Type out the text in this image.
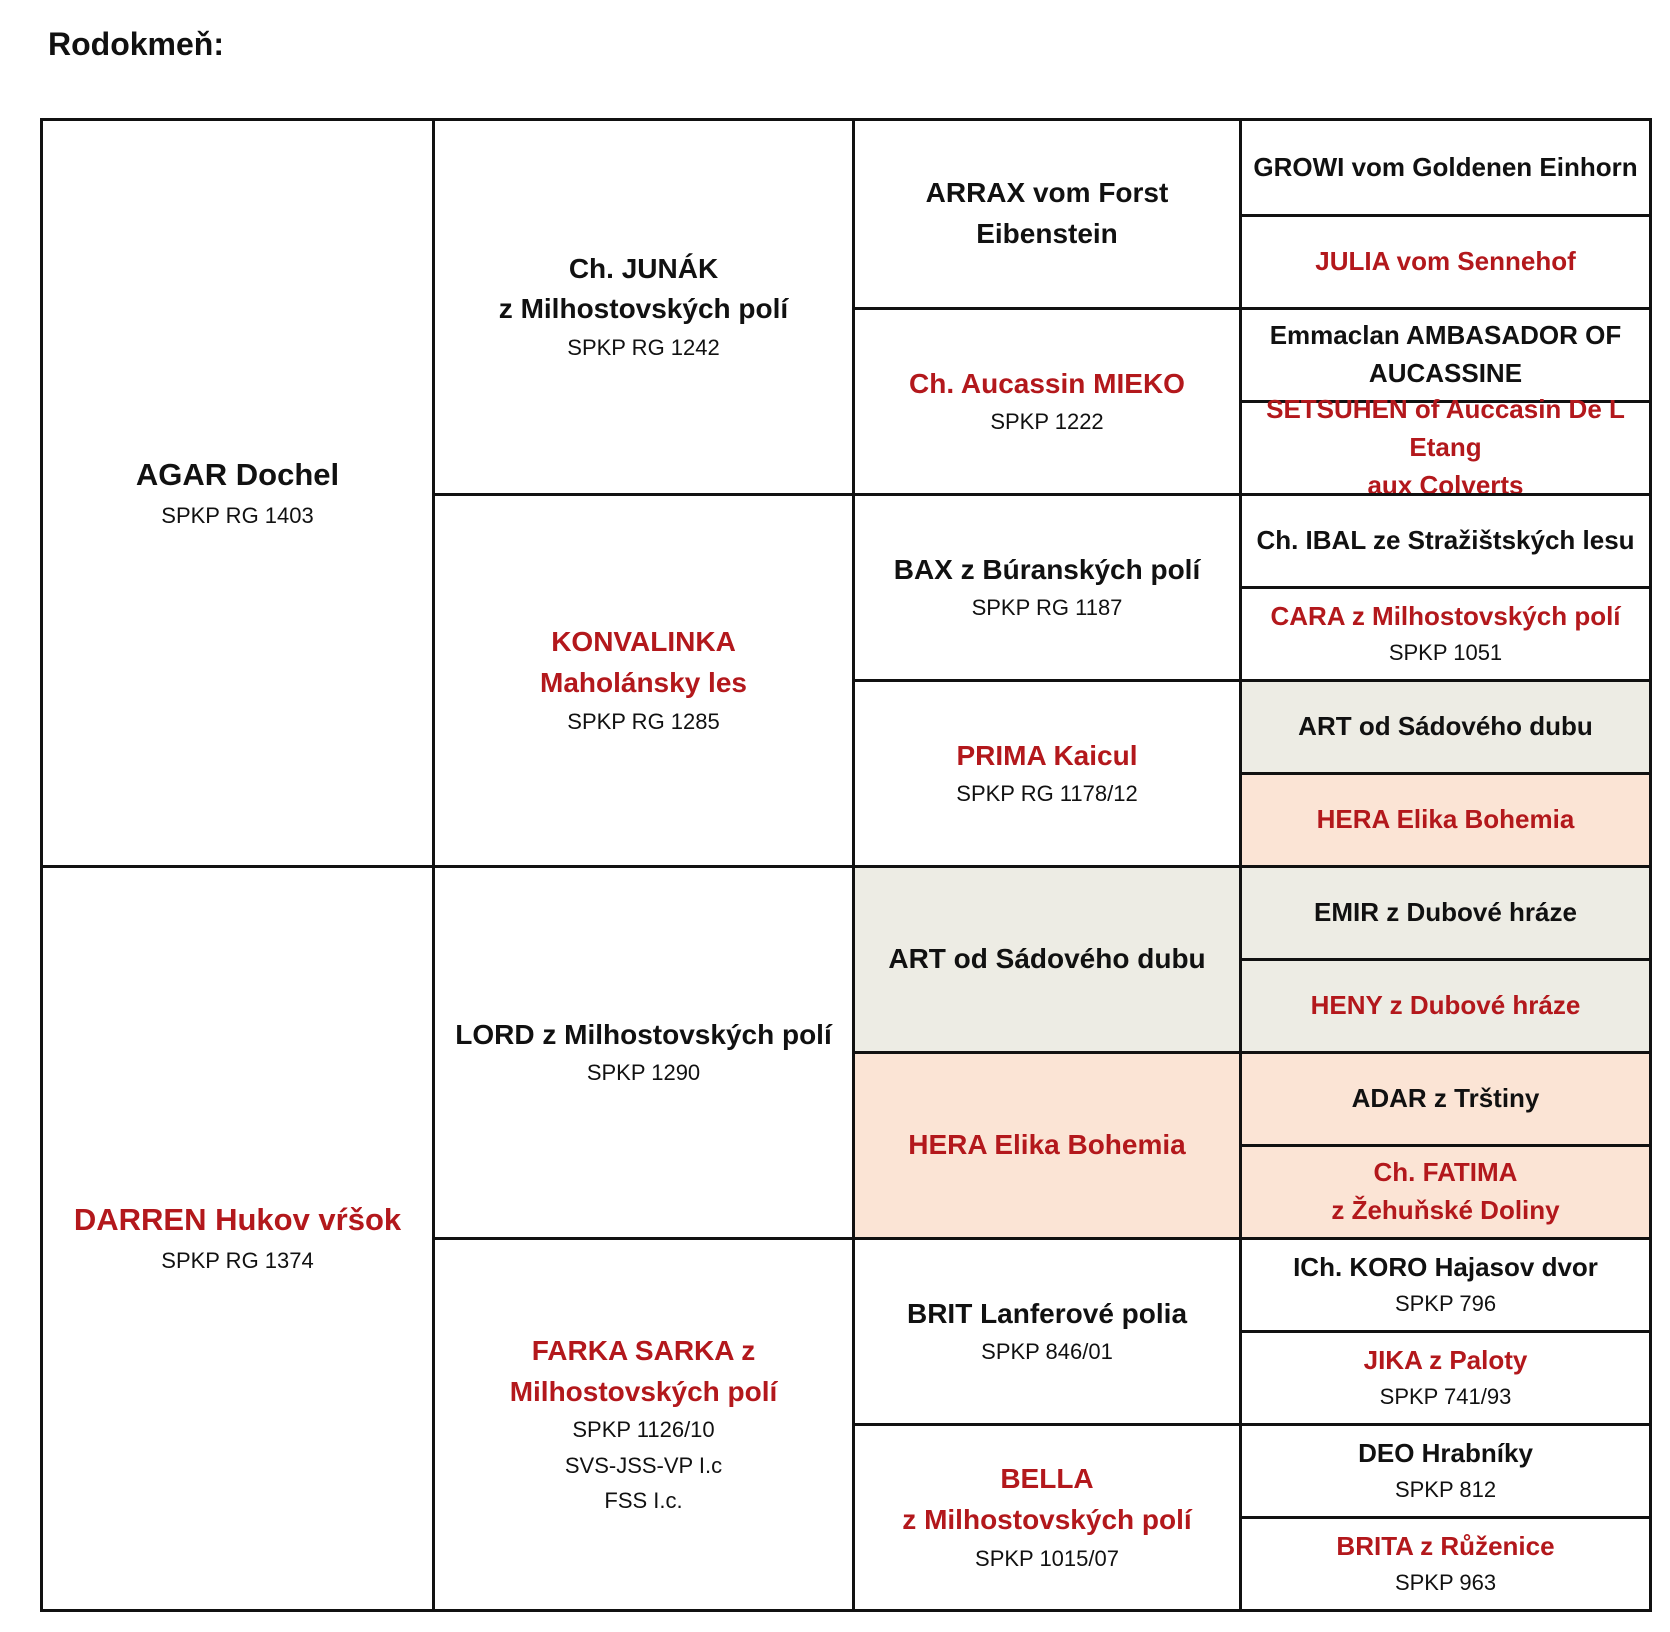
Rodokmeň:
AGAR Dochel
SPKP RG 1403
DARREN Hukov vŕšok
SPKP RG 1374
Ch. JUNÁK
z Milhostovských polí
SPKP RG 1242
KONVALINKA
Maholánsky les
SPKP RG 1285
LORD z Milhostovských polí
SPKP 1290
FARKA SARKA z
Milhostovských polí
SPKP 1126/10
SVS-JSS-VP I.c
FSS I.c.
ARRAX vom Forst
Eibenstein
Ch. Aucassin MIEKO
SPKP 1222
BAX z Búranských polí
SPKP RG 1187
PRIMA Kaicul
SPKP RG 1178/12
ART od Sádového dubu
HERA Elika Bohemia
BRIT Lanferové polia
SPKP 846/01
BELLA
z Milhostovských polí
SPKP 1015/07
GROWI vom Goldenen Einhorn
JULIA vom Sennehof
Emmaclan AMBASADOR OF
AUCASSINE
SETSUHEN of Auccasin De L Etang
aux Colverts
Ch. IBAL ze Stražištských lesu
CARA z Milhostovských polí
SPKP 1051
ART od Sádového dubu
HERA Elika Bohemia
EMIR z Dubové hráze
HENY z Dubové hráze
ADAR z Trštiny
Ch. FATIMA
z Žehuňské Doliny
ICh. KORO Hajasov dvor
SPKP 796
JIKA z Paloty
SPKP 741/93
DEO Hrabníky
SPKP 812
BRITA z Růženice
SPKP 963
